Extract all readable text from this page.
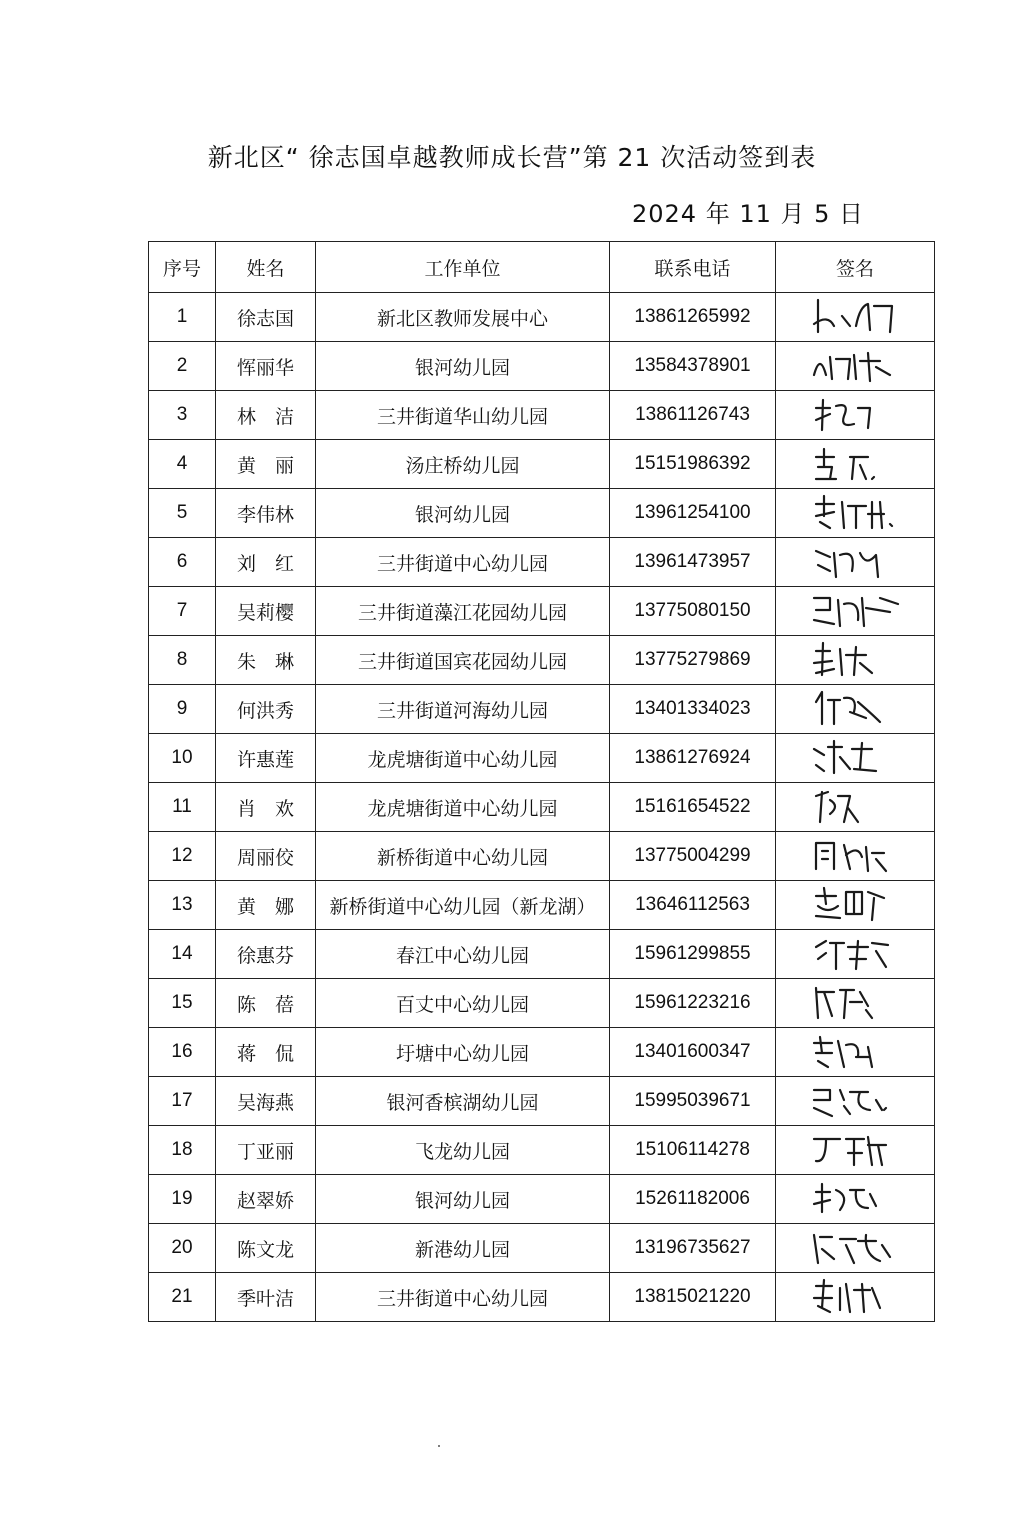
新北区“ 徐志国卓越教师成长营”第 21 次活动签到表
2024 年 11 月 5 日
序号	姓名	工作单位	联系电话	签名
1	徐志国	新北区教师发展中心	13861265992	

2	恽丽华	银河幼儿园	13584378901	

3	林　洁	三井街道华山幼儿园	13861126743	

4	黄　丽	汤庄桥幼儿园	15151986392	

5	李伟林	银河幼儿园	13961254100	

6	刘　红	三井街道中心幼儿园	13961473957	

7	吴莉樱	三井街道藻江花园幼儿园	13775080150	

8	朱　琳	三井街道国宾花园幼儿园	13775279869	

9	何洪秀	三井街道河海幼儿园	13401334023	

10	许惠莲	龙虎塘街道中心幼儿园	13861276924	

11	肖　欢	龙虎塘街道中心幼儿园	15161654522	

12	周丽佼	新桥街道中心幼儿园	13775004299	

13	黄　娜	新桥街道中心幼儿园（新龙湖）	13646112563	

14	徐惠芬	春江中心幼儿园	15961299855	

15	陈　蓓	百丈中心幼儿园	15961223216	

16	蒋　侃	圩塘中心幼儿园	13401600347	

17	吴海燕	银河香槟湖幼儿园	15995039671	

18	丁亚丽	飞龙幼儿园	15106114278	

19	赵翠娇	银河幼儿园	15261182006	

20	陈文龙	新港幼儿园	13196735627	

21	季叶洁	三井街道中心幼儿园	13815021220	
